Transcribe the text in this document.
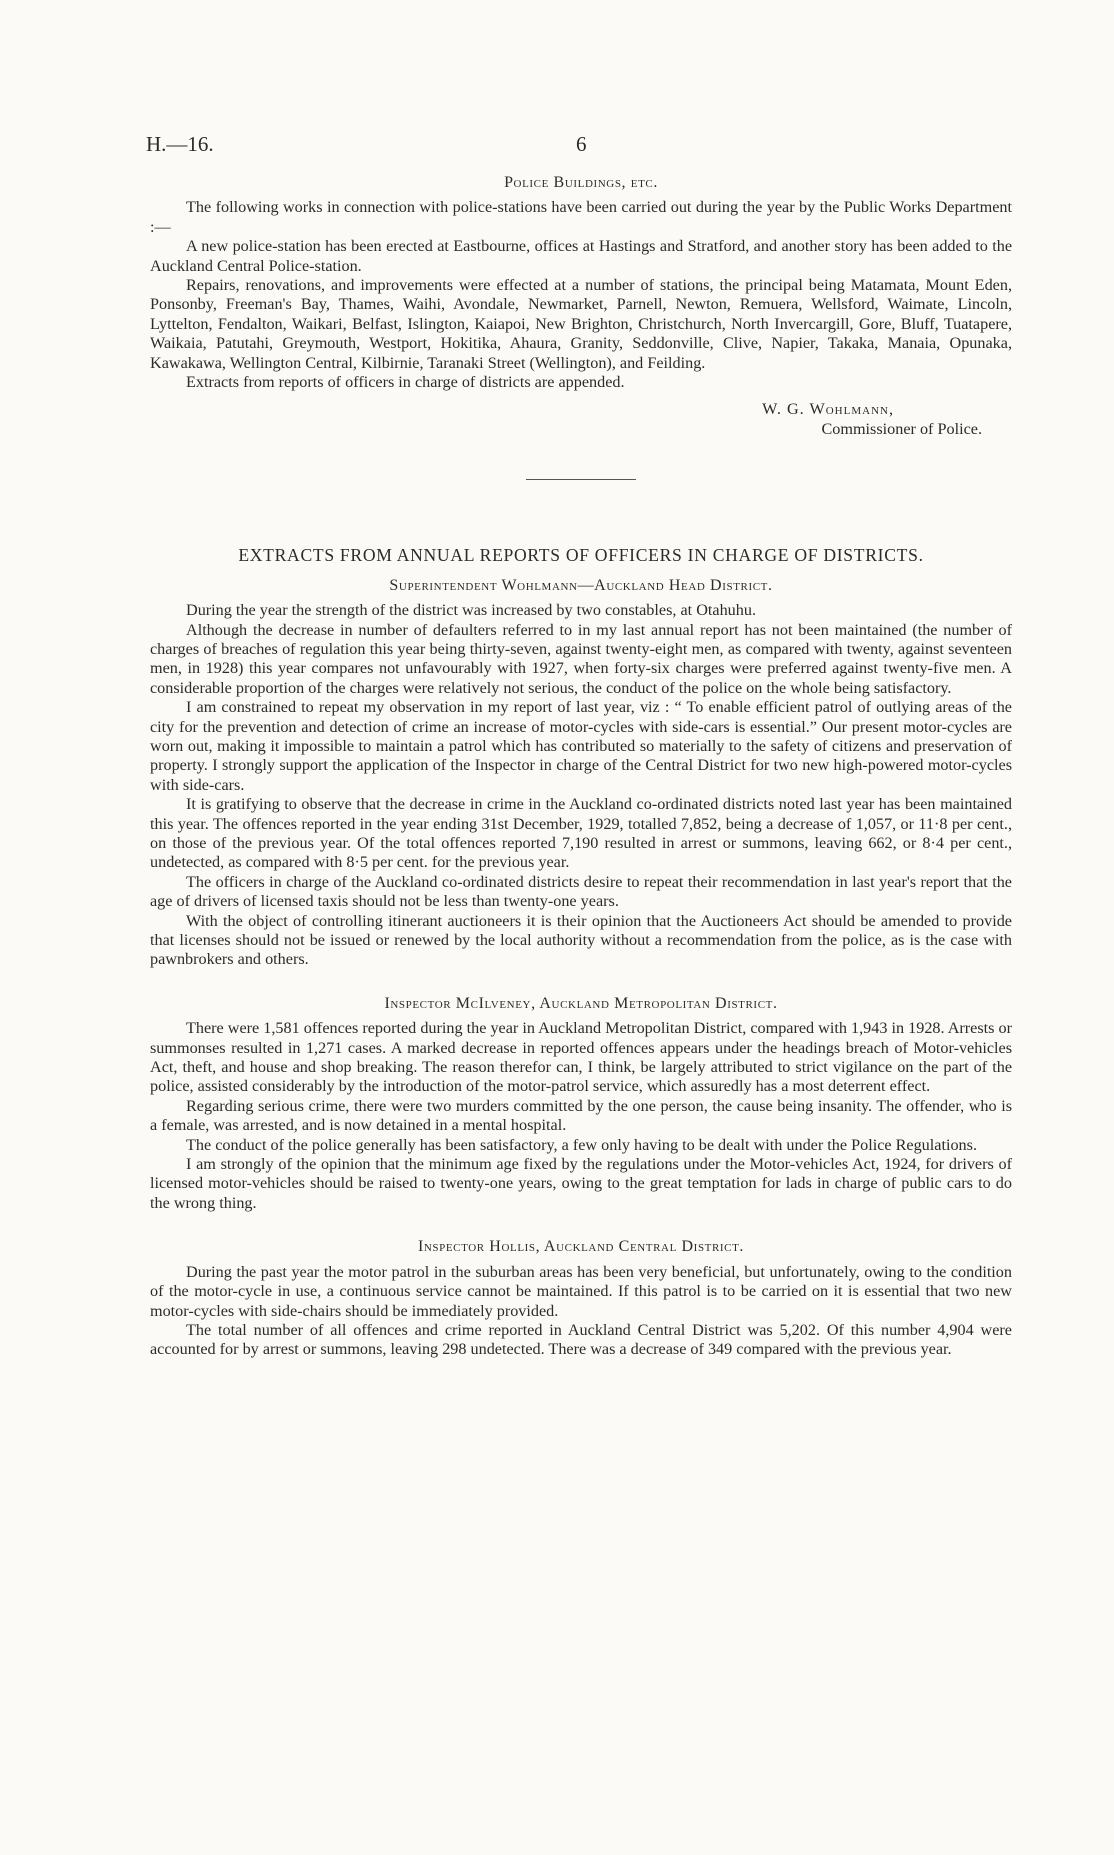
H.—16.	6
Police Buildings, etc.

The following works in connection with police-stations have been carried out during the year by the Public Works Department :—

A new police-station has been erected at Eastbourne, offices at Hastings and Stratford, and another story has been added to the Auckland Central Police-station.

Repairs, renovations, and improvements were effected at a number of stations, the principal being Matamata, Mount Eden, Ponsonby, Freeman's Bay, Thames, Waihi, Avondale, Newmarket, Parnell, Newton, Remuera, Wellsford, Waimate, Lincoln, Lyttelton, Fendalton, Waikari, Belfast, Islington, Kaiapoi, New Brighton, Christchurch, North Invercargill, Gore, Bluff, Tuatapere, Waikaia, Patutahi, Greymouth, Westport, Hokitika, Ahaura, Granity, Seddonville, Clive, Napier, Takaka, Manaia, Opunaka, Kawakawa, Wellington Central, Kilbirnie, Taranaki Street (Wellington), and Feilding.

Extracts from reports of officers in charge of districts are appended.

W. G. Wohlmann,
Commissioner of Police.
EXTRACTS FROM ANNUAL REPORTS OF OFFICERS IN CHARGE OF DISTRICTS.
Superintendent Wohlmann—Auckland Head District.

During the year the strength of the district was increased by two constables, at Otahuhu.

Although the decrease in number of defaulters referred to in my last annual report has not been maintained (the number of charges of breaches of regulation this year being thirty-seven, against twenty-eight men, as compared with twenty, against seventeen men, in 1928) this year compares not unfavourably with 1927, when forty-six charges were preferred against twenty-five men. A considerable proportion of the charges were relatively not serious, the conduct of the police on the whole being satisfactory.

I am constrained to repeat my observation in my report of last year, viz : “ To enable efficient patrol of outlying areas of the city for the prevention and detection of crime an increase of motor-cycles with side-cars is essential.” Our present motor-cycles are worn out, making it impossible to maintain a patrol which has contributed so materially to the safety of citizens and preservation of property. I strongly support the application of the Inspector in charge of the Central District for two new high-powered motor-cycles with side-cars.

It is gratifying to observe that the decrease in crime in the Auckland co-ordinated districts noted last year has been maintained this year. The offences reported in the year ending 31st December, 1929, totalled 7,852, being a decrease of 1,057, or 11·8 per cent., on those of the previous year. Of the total offences reported 7,190 resulted in arrest or summons, leaving 662, or 8·4 per cent., undetected, as compared with 8·5 per cent. for the previous year.

The officers in charge of the Auckland co-ordinated districts desire to repeat their recommendation in last year's report that the age of drivers of licensed taxis should not be less than twenty-one years.

With the object of controlling itinerant auctioneers it is their opinion that the Auctioneers Act should be amended to provide that licenses should not be issued or renewed by the local authority without a recommendation from the police, as is the case with pawnbrokers and others.

Inspector McIlveney, Auckland Metropolitan District.

There were 1,581 offences reported during the year in Auckland Metropolitan District, compared with 1,943 in 1928. Arrests or summonses resulted in 1,271 cases. A marked decrease in reported offences appears under the headings breach of Motor-vehicles Act, theft, and house and shop breaking. The reason therefor can, I think, be largely attributed to strict vigilance on the part of the police, assisted considerably by the introduction of the motor-patrol service, which assuredly has a most deterrent effect.

Regarding serious crime, there were two murders committed by the one person, the cause being insanity. The offender, who is a female, was arrested, and is now detained in a mental hospital.

The conduct of the police generally has been satisfactory, a few only having to be dealt with under the Police Regulations.

I am strongly of the opinion that the minimum age fixed by the regulations under the Motor-vehicles Act, 1924, for drivers of licensed motor-vehicles should be raised to twenty-one years, owing to the great temptation for lads in charge of public cars to do the wrong thing.

Inspector Hollis, Auckland Central District.

During the past year the motor patrol in the suburban areas has been very beneficial, but unfortunately, owing to the condition of the motor-cycle in use, a continuous service cannot be maintained. If this patrol is to be carried on it is essential that two new motor-cycles with side-chairs should be immediately provided.

The total number of all offences and crime reported in Auckland Central District was 5,202. Of this number 4,904 were accounted for by arrest or summons, leaving 298 undetected. There was a decrease of 349 compared with the previous year.
